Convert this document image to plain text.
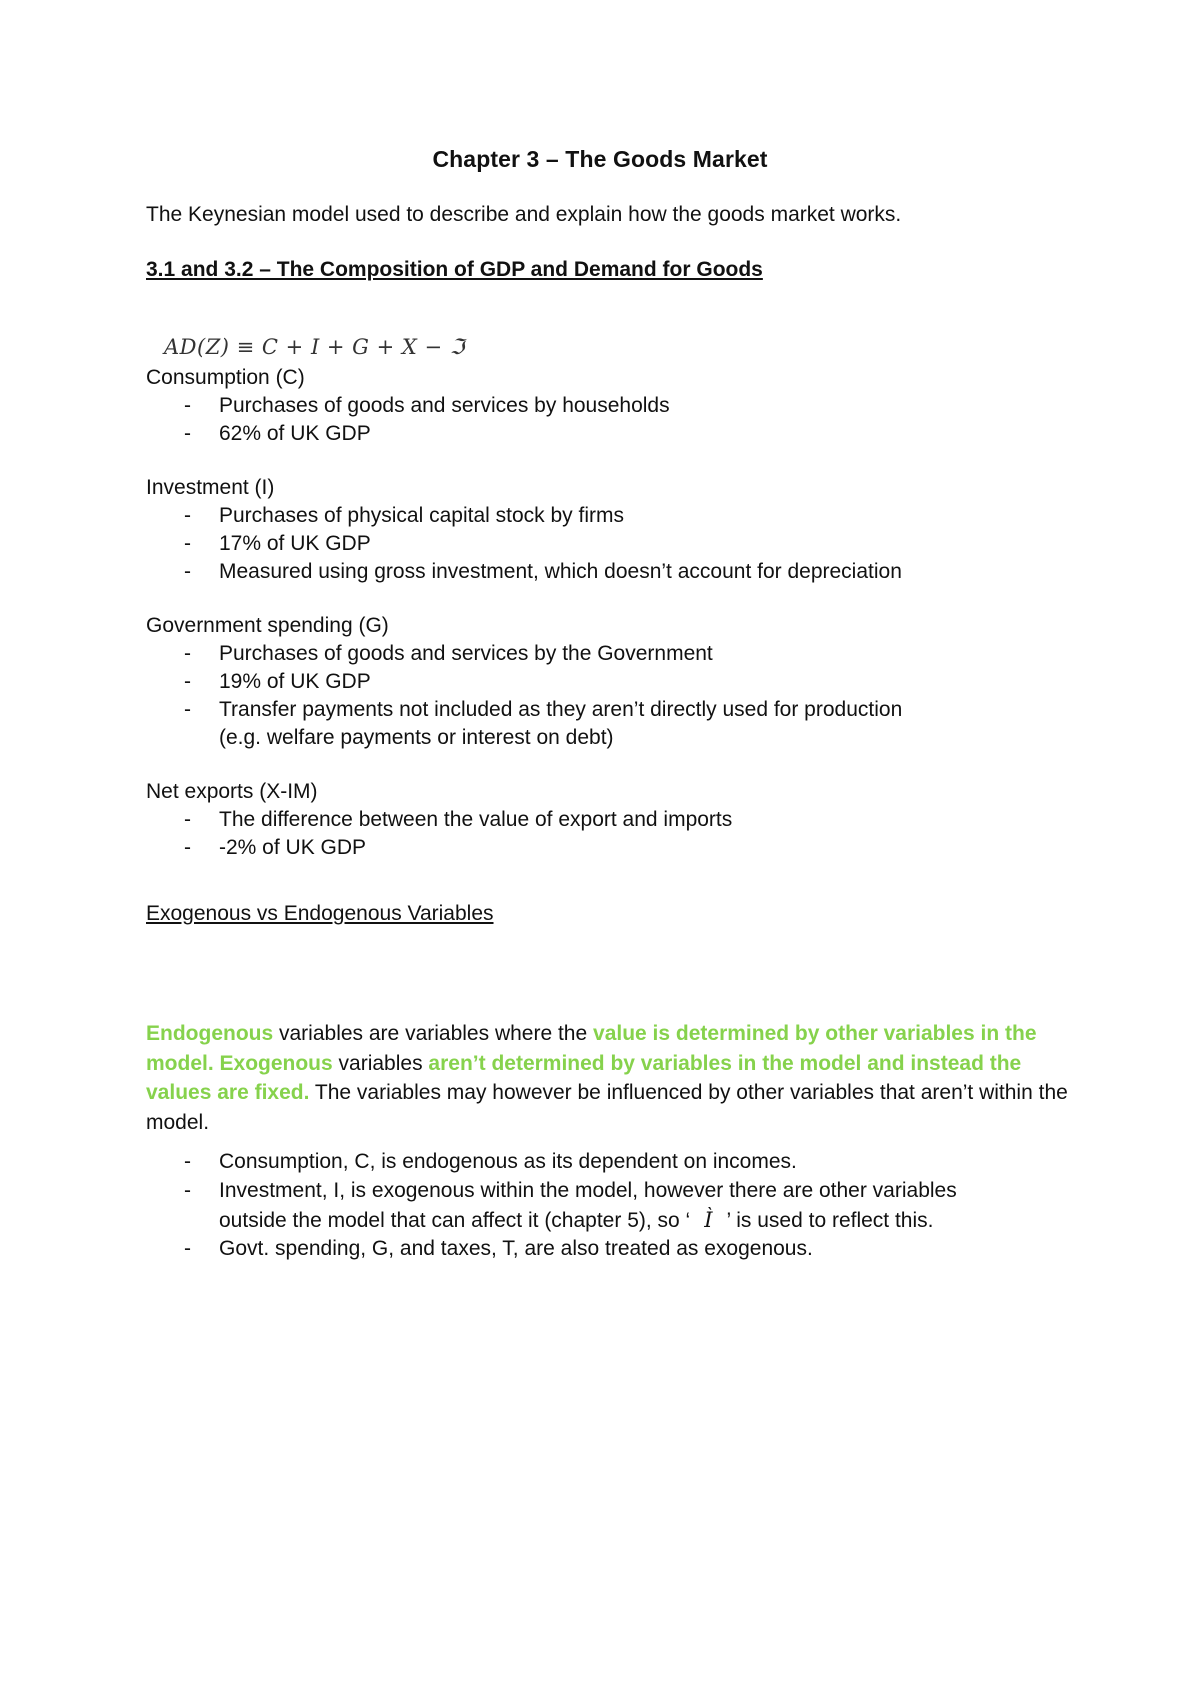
Chapter 3 – The Goods Market
The Keynesian model used to describe and explain how the goods market works.
3.1 and 3.2 – The Composition of GDP and Demand for Goods
AD(Z) ≡ C + I + G + X − ℑ
Consumption (C)
- Purchases of goods and services by households
- 62% of UK GDP
Investment (I)
- Purchases of physical capital stock by firms
- 17% of UK GDP
- Measured using gross investment, which doesn’t account for depreciation
Government spending (G)
- Purchases of goods and services by the Government
- 19% of UK GDP
- Transfer payments not included as they aren’t directly used for production
(e.g. welfare payments or interest on debt)
Net exports (X-IM)
- The difference between the value of export and imports
- -2% of UK GDP
Exogenous vs Endogenous Variables
Endogenous variables are variables where the value is determined by other variables in the model. Exogenous variables aren’t determined by variables in the model and instead the values are fixed. The variables may however be influenced by other variables that aren’t within the model.
- Consumption, C, is endogenous as its dependent on incomes.
- Investment, I, is exogenous within the model, however there are other variables
outside the model that can affect it (chapter 5), so ‘ Ì ’ is used to reflect this.
- Govt. spending, G, and taxes, T, are also treated as exogenous.
